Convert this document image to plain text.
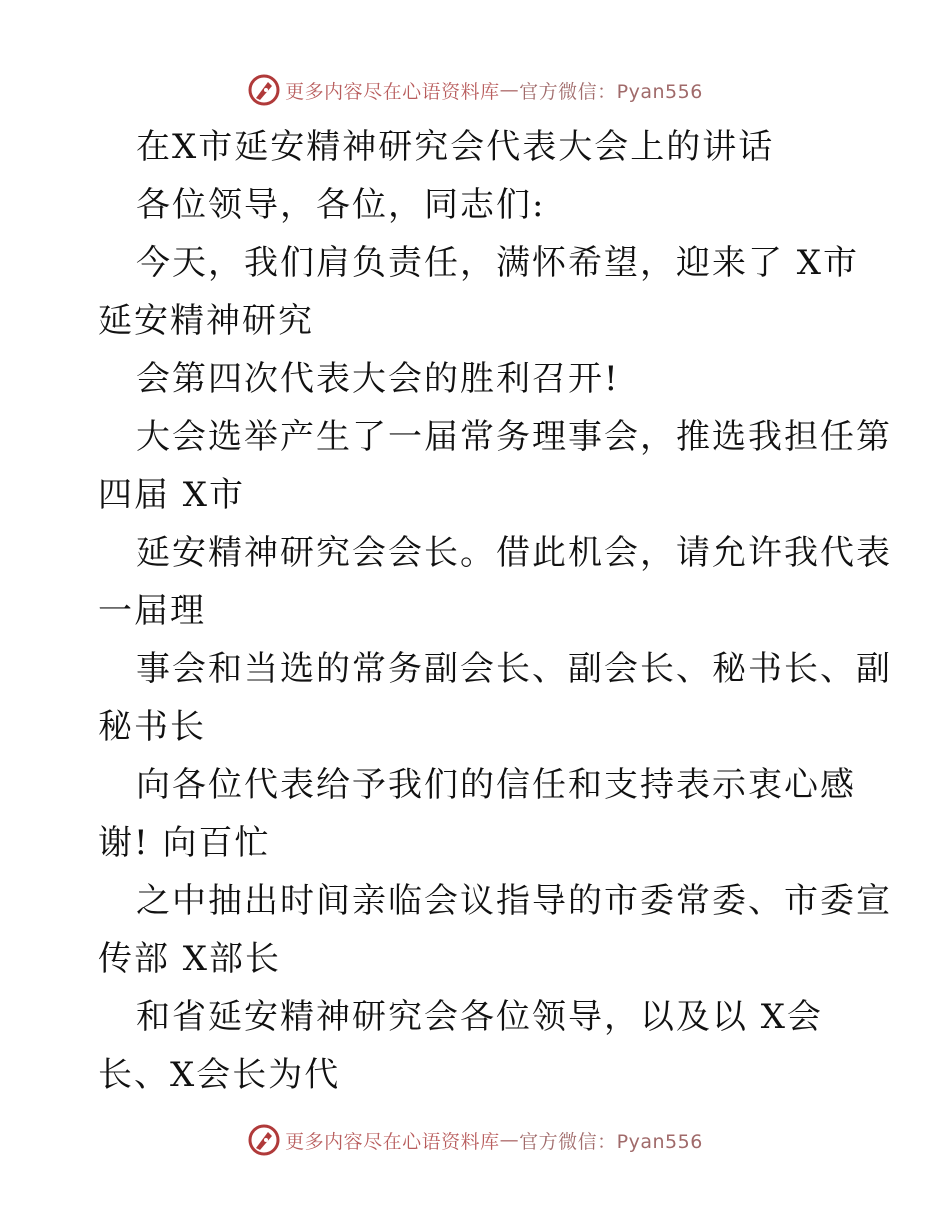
更多内容尽在心语资料库 — 官方微信：Pyan556
在X市延安精神研究会代表大会上的讲话
各位领导，各位，同志们:
今天，我们肩负责任，满怀希望，迎来了 X市
延安精神研究
会第四次代表大会的胜利召开!
大会选举产生了一届常务理事会，推选我担任第
四届 X市
延安精神研究会会长。借此机会，请允许我代表
一届理
事会和当选的常务副会长、副会长、秘书长、副
秘书长
向各位代表给予我们的信任和支持表示衷心感
谢! 向百忙
之中抽出时间亲临会议指导的市委常委、市委宣
传部 X部长
和省延安精神研究会各位领导，以及以 X会
长、X会长为代
更多内容尽在心语资料库 — 官方微信：Pyan556
